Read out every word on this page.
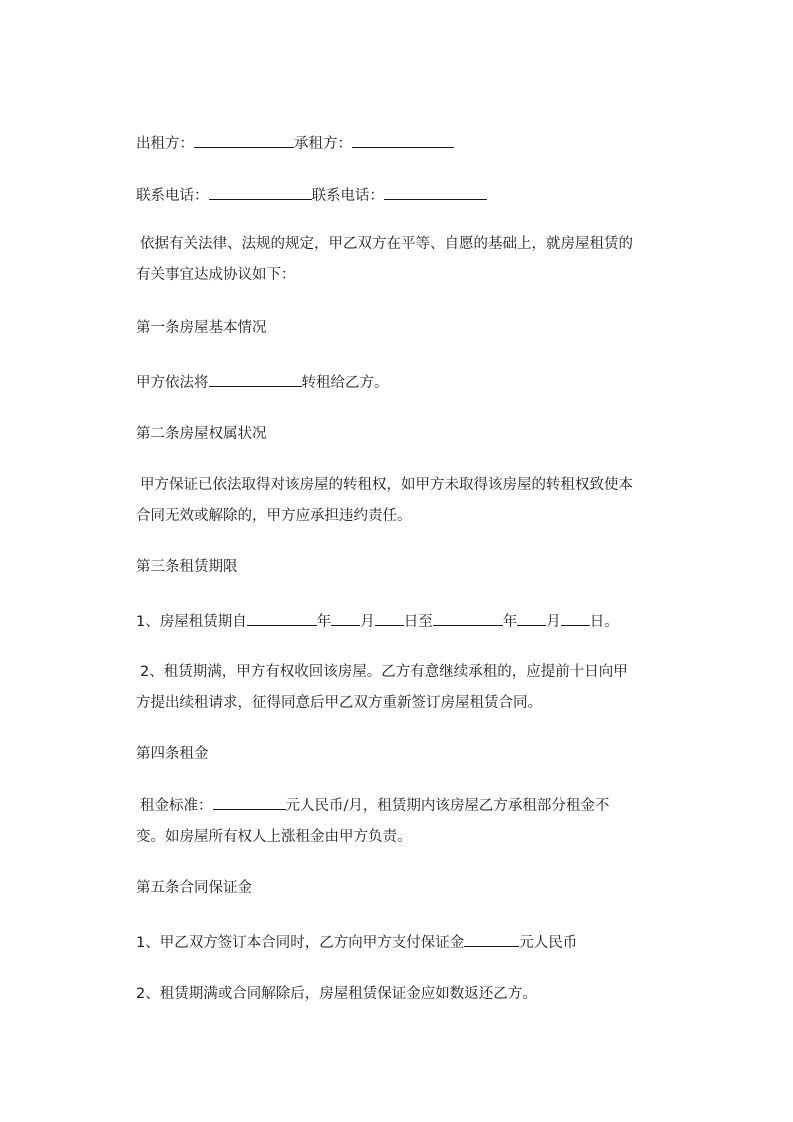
出租方：	承租方：
联系电话：	联系电话：
依据有关法律、法规的规定，甲乙双方在平等、自愿的基础上，就房屋租赁的有关事宜达成协议如下：
第一条房屋基本情况
甲方依法将	转租给乙方。
第二条房屋权属状况
甲方保证已依法取得对该房屋的转租权，如甲方未取得该房屋的转租权致使本合同无效或解除的，甲方应承担违约责任。
第三条租赁期限
1、房屋租赁期自	年 月 日至	年 月 日。
2、租赁期满，甲方有权收回该房屋。乙方有意继续承租的，应提前十日向甲方提出续租请求，征得同意后甲乙双方重新签订房屋租赁合同。
第四条租金
租金标准：	元人民币/月，租赁期内该房屋乙方承租部分租金不变。如房屋所有权人上涨租金由甲方负责。
第五条合同保证金
1、甲乙双方签订本合同时，乙方向甲方支付保证金	元人民币
2、租赁期满或合同解除后，房屋租赁保证金应如数返还乙方。
